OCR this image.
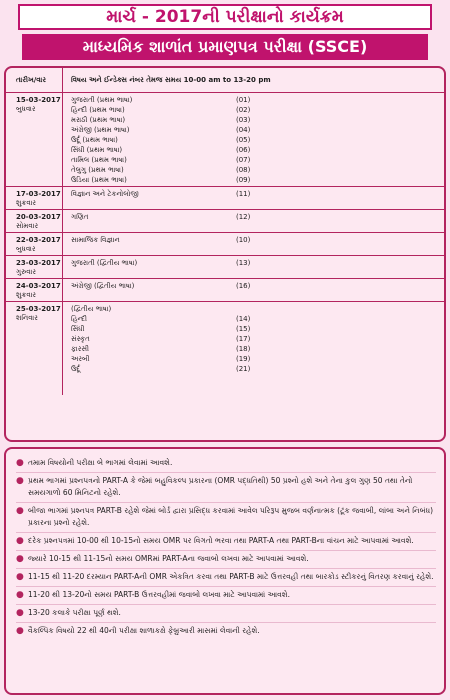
માર્ચ - 2017ની પરીક્ષાનો કાર્યક્રમ
માધ્યમિક શાળાંત પ્રમાણપત્ર પરીક્ષા (SSCE)
તારીખ/વાર	વિષય અને ઈન્ડેક્સ નંબર તેમજ સમય 10-00 am to 13-20 pm
15-03-2017
બુધવાર
ગુજરાતી (પ્રથમ ભાષા)	(01)
હિન્દી (પ્રથમ ભાષા)	(02)
મરાઠી (પ્રથમ ભાષા)	(03)
અંગ્રેજી (પ્રથમ ભાષા)	(04)
ઉર્દૂ (પ્રથમ ભાષા)	(05)
સિંધી (પ્રથમ ભાષા)	(06)
તામિલ (પ્રથમ ભાષા)	(07)
તેલુગુ (પ્રથમ ભાષા)	(08)
ઉડિયા (પ્રથમ ભાષા)	(09)
17-03-2017
શુક્રવાર
વિજ્ઞાન અને ટેકનોલોજી	(11)
20-03-2017
સોમવાર
ગણિત	(12)
22-03-2017
બુધવાર
સામાજિક વિજ્ઞાન	(10)
23-03-2017
ગુરુવાર
ગુજરાતી (દ્વિતીય ભાષા)	(13)
24-03-2017
શુક્રવાર
અંગ્રેજી (દ્વિતીય ભાષા)	(16)
25-03-2017
શનિવાર
(દ્વિતીય ભાષા)
હિન્દી	(14)
સિંધી	(15)
સંસ્કૃત	(17)
ફારસી	(18)
અરબી	(19)
ઉર્દૂ	(21)
● તમામ વિષયોની પરીક્ષા બે ભાગમાં લેવામાં આવશે.
● પ્રથમ ભાગમાં પ્રશ્નપત્રનો PART-A કે જેમાં બહુવિકલ્પ પ્રકારના (OMR પદ્ધતિથી) 50 પ્રશ્નો હશે અને તેના કુલ ગુણ 50 તથા તેનો સમયગાળો 60 મિનિટનો રહેશે.
● બીજા ભાગમાં પ્રશ્નપત્ર PART-B રહેશે જેમાં બોર્ડ દ્વારા પ્રસિદ્ધ કરવામાં આવેલ પરિરૂપ મુજબ વર્ણનાત્મક (ટૂંક જવાબી, લાંબા અને નિબંધ) પ્રકારના પ્રશ્નો રહેશે.
● દરેક પ્રશ્નપત્રમાં 10-00 થી 10-15નો સમય OMR પર વિગતો ભરવા તથા PART-A તથા PART-Bના વાંચન માટે આપવામાં આવશે.
● જ્યારે 10-15 થી 11-15નો સમય OMRમાં PART-Aના જવાબો લખવા માટે આપવામાં આવશે.
● 11-15 થી 11-20 દરમ્યાન PART-Aની OMR એકત્રિત કરવા તથા PART-B માટે ઉત્તરવહી તથા બારકોડ સ્ટીકરનું વિતરણ કરવાનું રહેશે.
● 11-20 થી 13-20નો સમય PART-B ઉત્તરવહીમાં જવાબો લખવા માટે આપવામાં આવશે.
● 13-20 કલાકે પરીક્ષા પૂર્ણ થશે.
● વૈકલ્પિક વિષયો 22 થી 40ની પરીક્ષા શાળાકક્ષે ફેબ્રુઆરી માસમાં લેવાની રહેશે.
